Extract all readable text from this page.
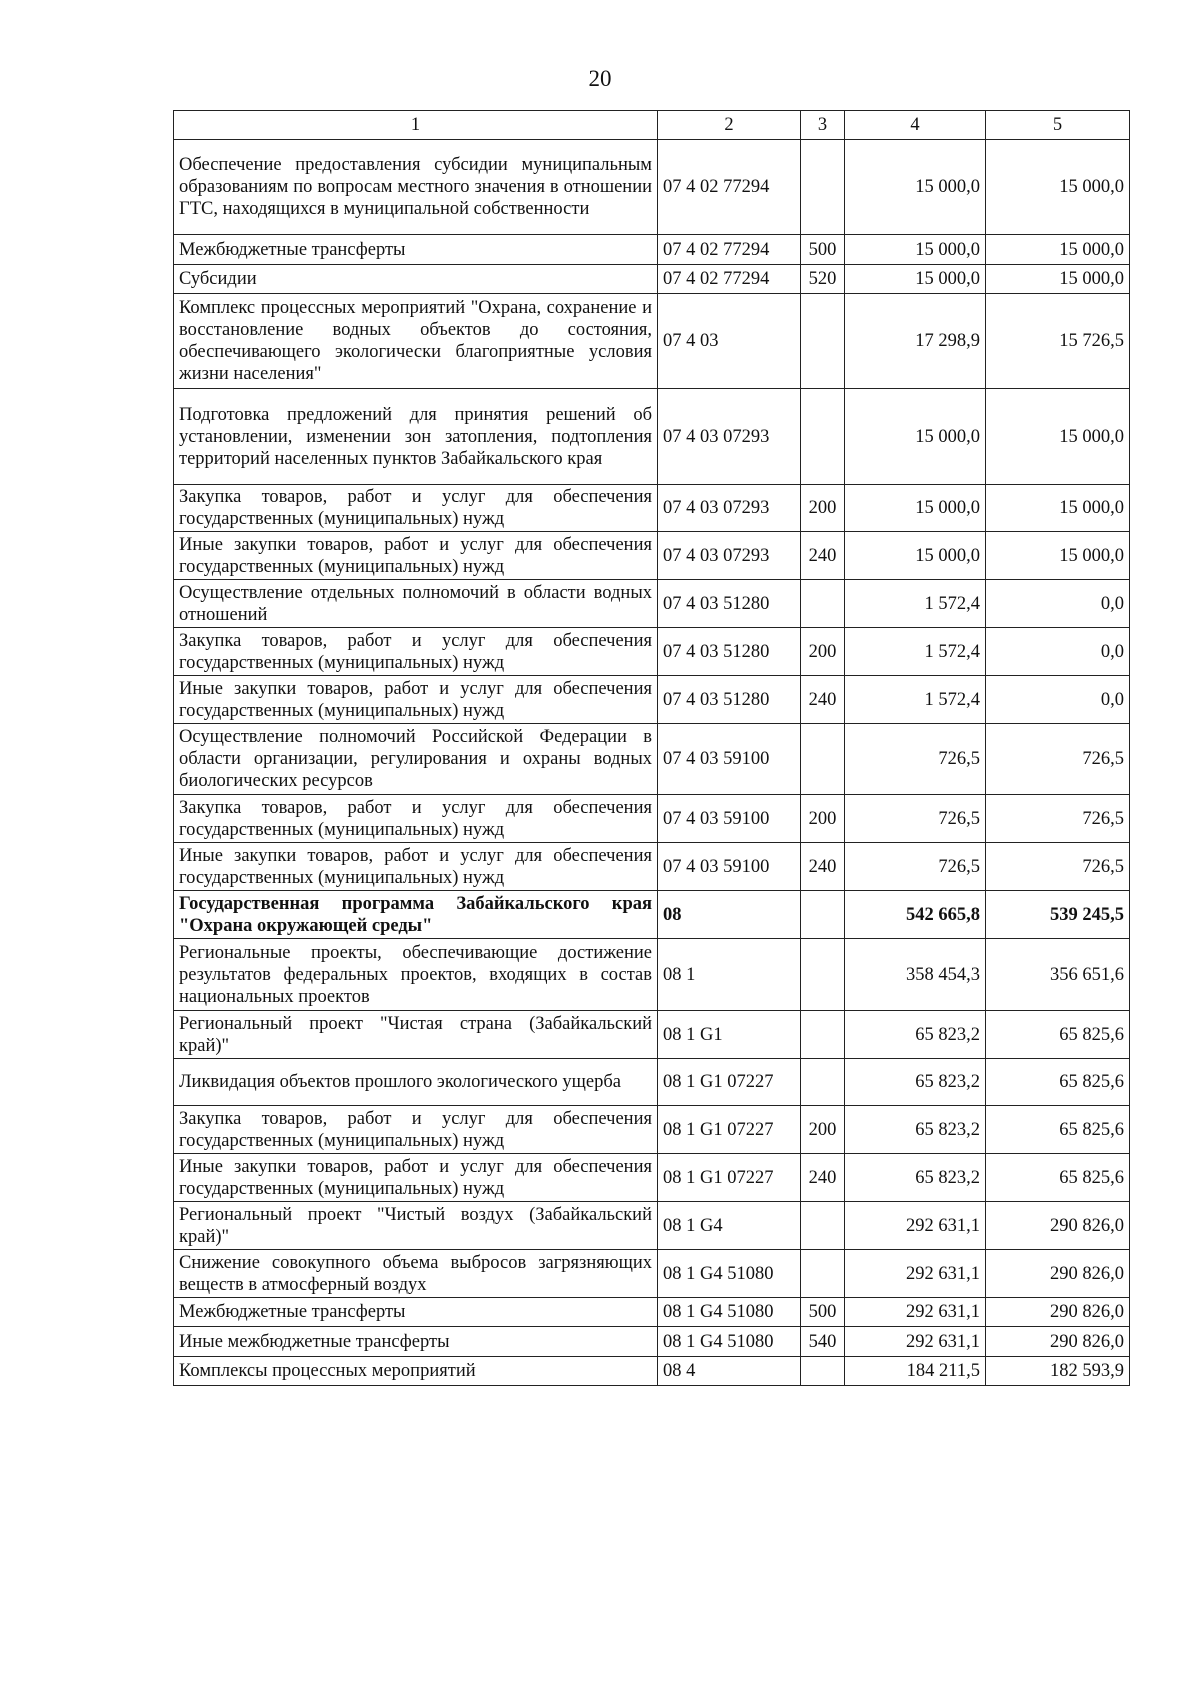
20
1	2	3	4	5
Обеспечение предоставления субсидии муниципальным образованиям по вопросам местного значения в отношении ГТС, находящихся в муниципальной собственности	07 4 02 77294		15 000,0	15 000,0
Межбюджетные трансферты	07 4 02 77294	500	15 000,0	15 000,0
Субсидии	07 4 02 77294	520	15 000,0	15 000,0
Комплекс процессных мероприятий "Охрана, сохранение и восстановление водных объектов до состояния, обеспечивающего экологически благоприятные условия жизни населения"	07 4 03		17 298,9	15 726,5
Подготовка предложений для принятия решений об установлении, изменении зон затопления, подтопления территорий населенных пунктов Забайкальского края	07 4 03 07293		15 000,0	15 000,0
Закупка товаров, работ и услуг для обеспечения государственных (муниципальных) нужд	07 4 03 07293	200	15 000,0	15 000,0
Иные закупки товаров, работ и услуг для обеспечения государственных (муниципальных) нужд	07 4 03 07293	240	15 000,0	15 000,0
Осуществление отдельных полномочий в области водных отношений	07 4 03 51280		1 572,4	0,0
Закупка товаров, работ и услуг для обеспечения государственных (муниципальных) нужд	07 4 03 51280	200	1 572,4	0,0
Иные закупки товаров, работ и услуг для обеспечения государственных (муниципальных) нужд	07 4 03 51280	240	1 572,4	0,0
Осуществление полномочий Российской Федерации в области организации, регулирования и охраны водных биологических ресурсов	07 4 03 59100		726,5	726,5
Закупка товаров, работ и услуг для обеспечения государственных (муниципальных) нужд	07 4 03 59100	200	726,5	726,5
Иные закупки товаров, работ и услуг для обеспечения государственных (муниципальных) нужд	07 4 03 59100	240	726,5	726,5
Государственная программа Забайкальского края "Охрана окружающей среды"	08		542 665,8	539 245,5
Региональные проекты, обеспечивающие достижение результатов федеральных проектов, входящих в состав национальных проектов	08 1		358 454,3	356 651,6
Региональный проект "Чистая страна (Забайкальский край)"	08 1 G1		65 823,2	65 825,6
Ликвидация объектов прошлого экологического ущерба	08 1 G1 07227		65 823,2	65 825,6
Закупка товаров, работ и услуг для обеспечения государственных (муниципальных) нужд	08 1 G1 07227	200	65 823,2	65 825,6
Иные закупки товаров, работ и услуг для обеспечения государственных (муниципальных) нужд	08 1 G1 07227	240	65 823,2	65 825,6
Региональный проект "Чистый воздух (Забайкальский край)"	08 1 G4		292 631,1	290 826,0
Снижение совокупного объема выбросов загрязняющих веществ в атмосферный воздух	08 1 G4 51080		292 631,1	290 826,0
Межбюджетные трансферты	08 1 G4 51080	500	292 631,1	290 826,0
Иные межбюджетные трансферты	08 1 G4 51080	540	292 631,1	290 826,0
Комплексы процессных мероприятий	08 4		184 211,5	182 593,9
